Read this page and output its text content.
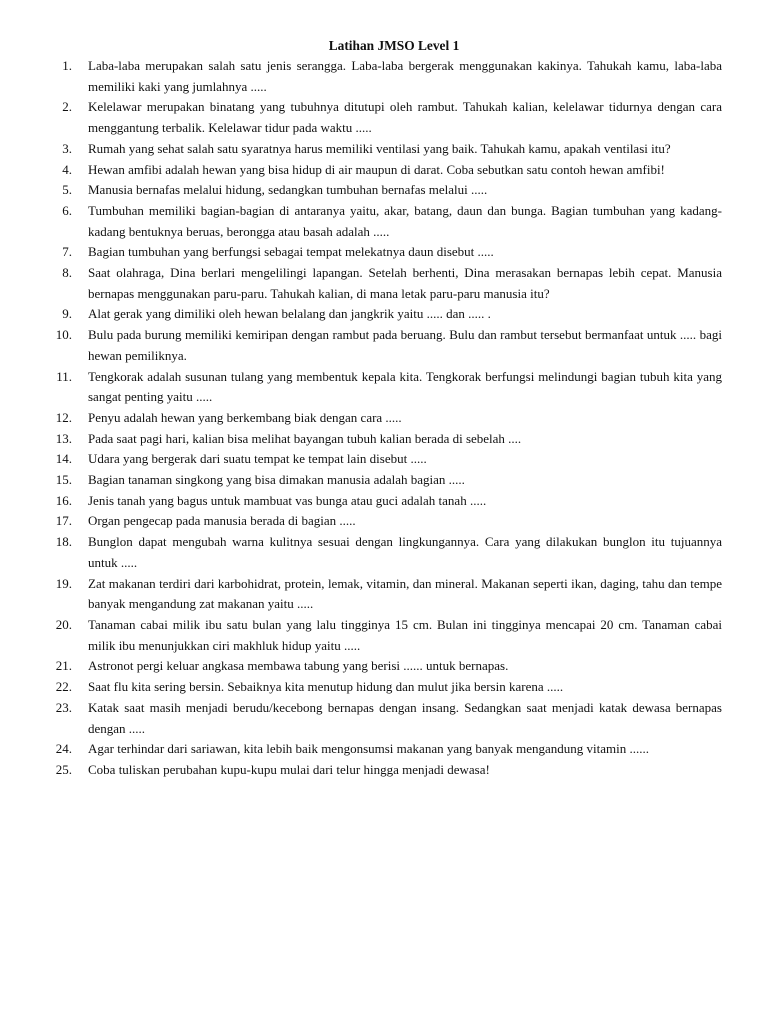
Latihan JMSO Level 1
1.	Laba-laba merupakan salah satu jenis serangga. Laba-laba bergerak menggunakan kakinya. Tahukah kamu, laba-laba memiliki kaki yang jumlahnya .....
2.	Kelelawar merupakan binatang yang tubuhnya ditutupi oleh rambut. Tahukah kalian, kelelawar tidurnya dengan cara menggantung terbalik. Kelelawar tidur pada waktu .....
3.	Rumah yang sehat salah satu syaratnya harus memiliki ventilasi yang baik. Tahukah kamu, apakah ventilasi itu?
4.	Hewan amfibi adalah hewan yang bisa hidup di air maupun di darat. Coba sebutkan satu contoh hewan amfibi!
5.	Manusia bernafas melalui hidung, sedangkan tumbuhan bernafas melalui .....
6.	Tumbuhan memiliki bagian-bagian di antaranya yaitu, akar, batang, daun dan bunga. Bagian tumbuhan yang kadang-kadang bentuknya beruas, berongga atau basah adalah .....
7.	Bagian tumbuhan yang berfungsi sebagai tempat melekatnya daun disebut .....
8.	Saat olahraga, Dina berlari mengelilingi lapangan. Setelah berhenti, Dina merasakan bernapas lebih cepat. Manusia bernapas menggunakan paru-paru. Tahukah kalian, di mana letak paru-paru manusia itu?
9.	Alat gerak yang dimiliki oleh hewan belalang dan jangkrik yaitu ..... dan ..... .
10.	Bulu pada burung memiliki kemiripan dengan rambut pada beruang. Bulu dan rambut tersebut bermanfaat untuk ..... bagi hewan pemiliknya.
11.	Tengkorak adalah susunan tulang yang membentuk kepala kita. Tengkorak berfungsi melindungi bagian tubuh kita yang sangat penting yaitu .....
12.	Penyu adalah hewan yang berkembang biak dengan cara .....
13.	Pada saat pagi hari, kalian bisa melihat bayangan tubuh kalian berada di sebelah ....
14.	Udara yang bergerak dari suatu tempat ke tempat lain disebut .....
15.	Bagian tanaman singkong yang bisa dimakan manusia adalah bagian .....
16.	Jenis tanah yang bagus untuk mambuat vas bunga atau guci adalah tanah .....
17.	Organ pengecap pada manusia berada di bagian .....
18.	Bunglon dapat mengubah warna kulitnya sesuai dengan lingkungannya. Cara yang dilakukan bunglon itu tujuannya untuk .....
19.	Zat makanan terdiri dari karbohidrat, protein, lemak, vitamin, dan mineral. Makanan seperti ikan, daging, tahu dan tempe banyak mengandung zat makanan yaitu .....
20.	Tanaman cabai milik ibu satu bulan yang lalu tingginya 15 cm. Bulan ini tingginya mencapai 20 cm. Tanaman cabai milik ibu menunjukkan ciri makhluk hidup yaitu .....
21.	Astronot pergi keluar angkasa membawa tabung yang berisi ...... untuk bernapas.
22.	Saat flu kita sering bersin. Sebaiknya kita menutup hidung dan mulut jika bersin karena .....
23.	Katak saat masih menjadi berudu/kecebong bernapas dengan insang. Sedangkan saat menjadi katak dewasa bernapas dengan .....
24.	Agar terhindar dari sariawan, kita lebih baik mengonsumsi makanan yang banyak mengandung vitamin ......
25.	Coba tuliskan perubahan kupu-kupu mulai dari telur hingga menjadi dewasa!
